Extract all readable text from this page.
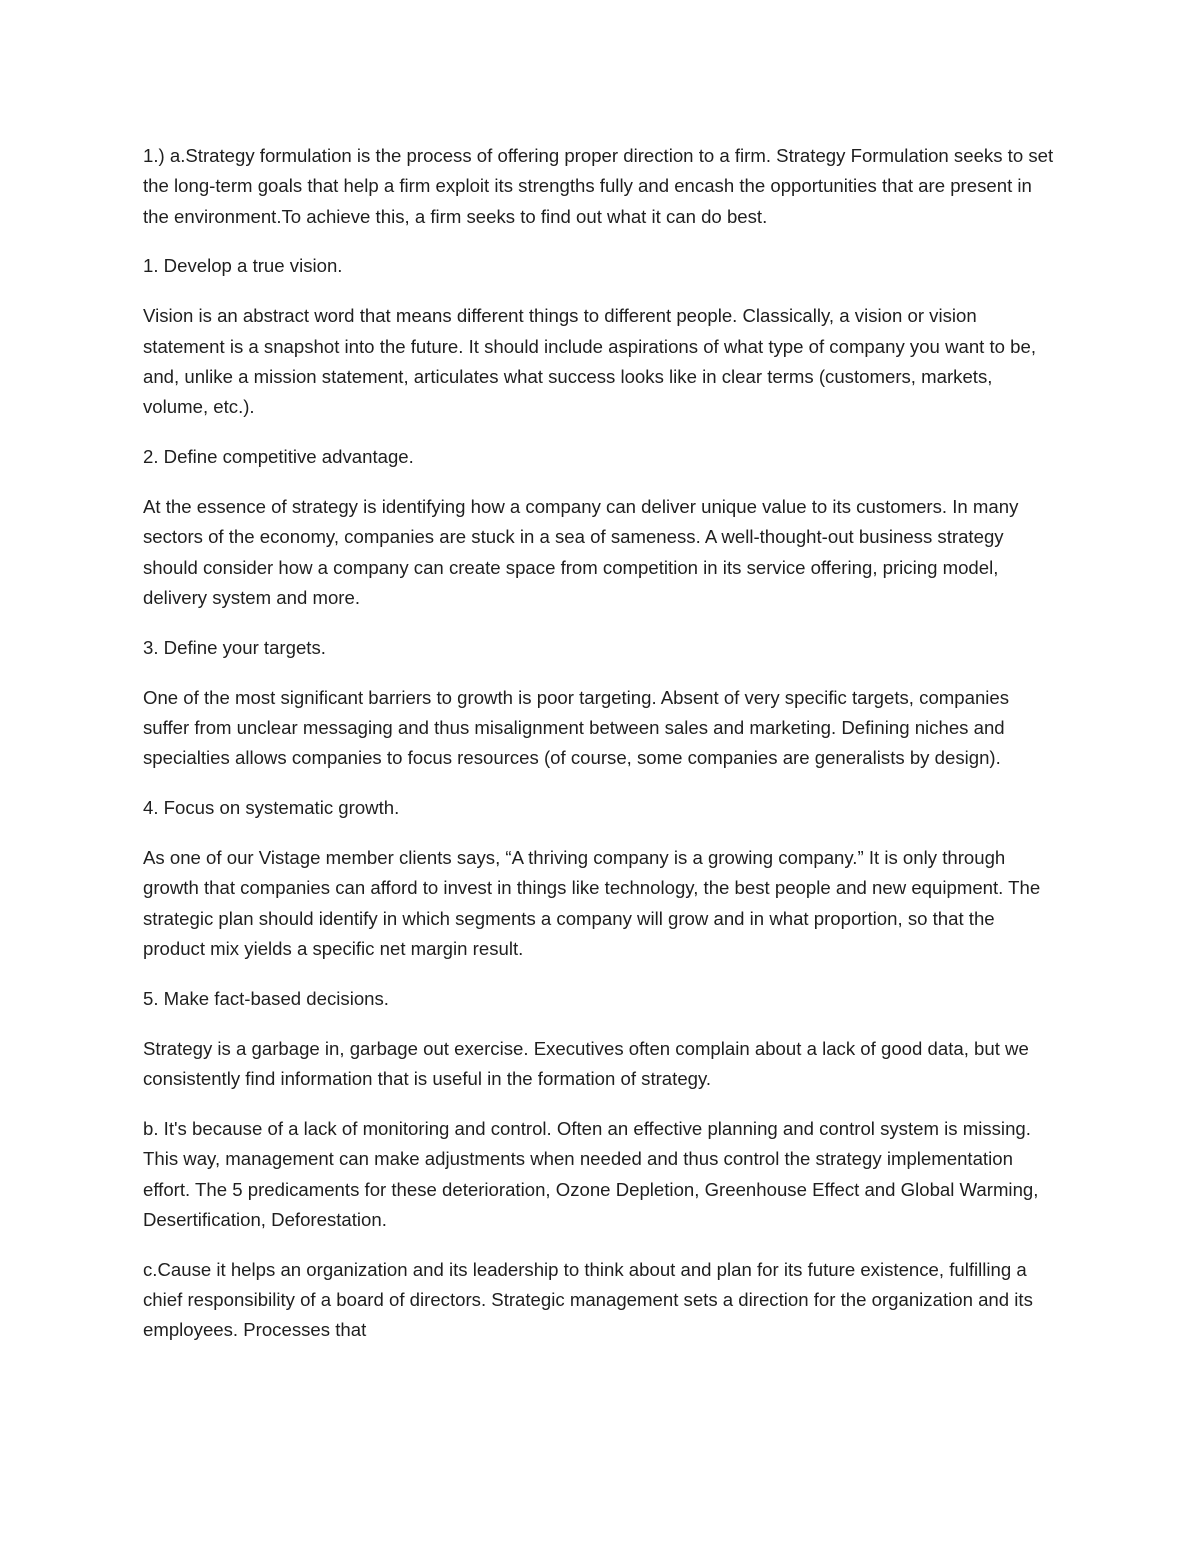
1.) a.Strategy formulation is the process of offering proper direction to a firm. Strategy Formulation seeks to set the long-term goals that help a firm exploit its strengths fully and encash the opportunities that are present in the environment.To achieve this, a firm seeks to find out what it can do best.

1. Develop a true vision.

Vision is an abstract word that means different things to different people. Classically, a vision or vision statement is a snapshot into the future. It should include aspirations of what type of company you want to be, and, unlike a mission statement, articulates what success looks like in clear terms (customers, markets, volume, etc.).

2. Define competitive advantage.

At the essence of strategy is identifying how a company can deliver unique value to its customers. In many sectors of the economy, companies are stuck in a sea of sameness. A well-thought-out business strategy should consider how a company can create space from competition in its service offering, pricing model, delivery system and more.

3. Define your targets.

One of the most significant barriers to growth is poor targeting. Absent of very specific targets, companies suffer from unclear messaging and thus misalignment between sales and marketing. Defining niches and specialties allows companies to focus resources (of course, some companies are generalists by design).

4. Focus on systematic growth.

As one of our Vistage member clients says, “A thriving company is a growing company.” It is only through growth that companies can afford to invest in things like technology, the best people and new equipment. The strategic plan should identify in which segments a company will grow and in what proportion, so that the product mix yields a specific net margin result.

5. Make fact-based decisions.

Strategy is a garbage in, garbage out exercise. Executives often complain about a lack of good data, but we consistently find information that is useful in the formation of strategy.

b. It's because of a lack of monitoring and control. Often an effective planning and control system is missing. This way, management can make adjustments when needed and thus control the strategy implementation effort. The 5 predicaments for these deterioration, Ozone Depletion, Greenhouse Effect and Global Warming, Desertification, Deforestation.

c.Cause it helps an organization and its leadership to think about and plan for its future existence, fulfilling a chief responsibility of a board of directors. Strategic management sets a direction for the organization and its employees. Processes that
